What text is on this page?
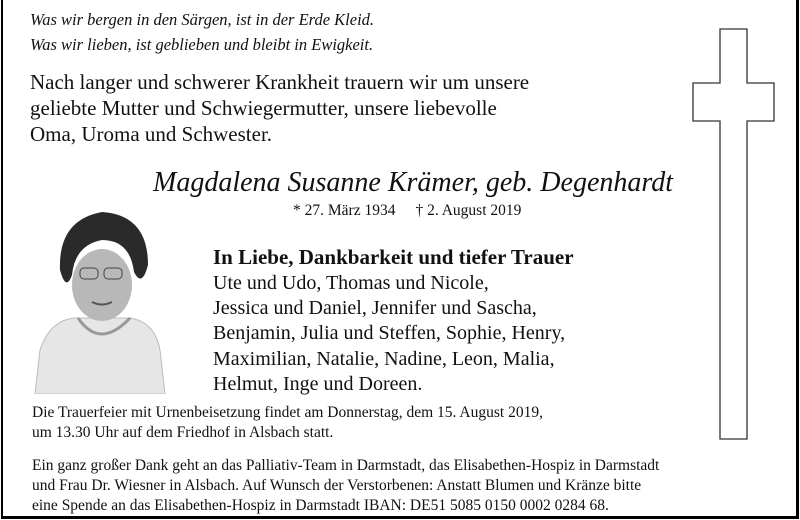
Was wir bergen in den Särgen, ist in der Erde Kleid.
Was wir lieben, ist geblieben und bleibt in Ewigkeit.
Nach langer und schwerer Krankheit trauern wir um unsere
geliebte Mutter und Schwiegermutter, unsere liebevolle
Oma, Uroma und Schwester.
Magdalena Susanne Krämer, geb. Degenhardt
* 27. März 1934 † 2. August 2019
In Liebe, Dankbarkeit und tiefer Trauer
Ute und Udo, Thomas und Nicole,
Jessica und Daniel, Jennifer und Sascha,
Benjamin, Julia und Steffen, Sophie, Henry,
Maximilian, Natalie, Nadine, Leon, Malia,
Helmut, Inge und Doreen.
Die Trauerfeier mit Urnenbeisetzung findet am Donnerstag, dem 15. August 2019,
um 13.30 Uhr auf dem Friedhof in Alsbach statt.
Ein ganz großer Dank geht an das Palliativ-Team in Darmstadt, das Elisabethen-Hospiz in Darmstadt
und Frau Dr. Wiesner in Alsbach. Auf Wunsch der Verstorbenen: Anstatt Blumen und Kränze bitte
eine Spende an das Elisabethen-Hospiz in Darmstadt IBAN: DE51 5085 0150 0002 0284 68.
